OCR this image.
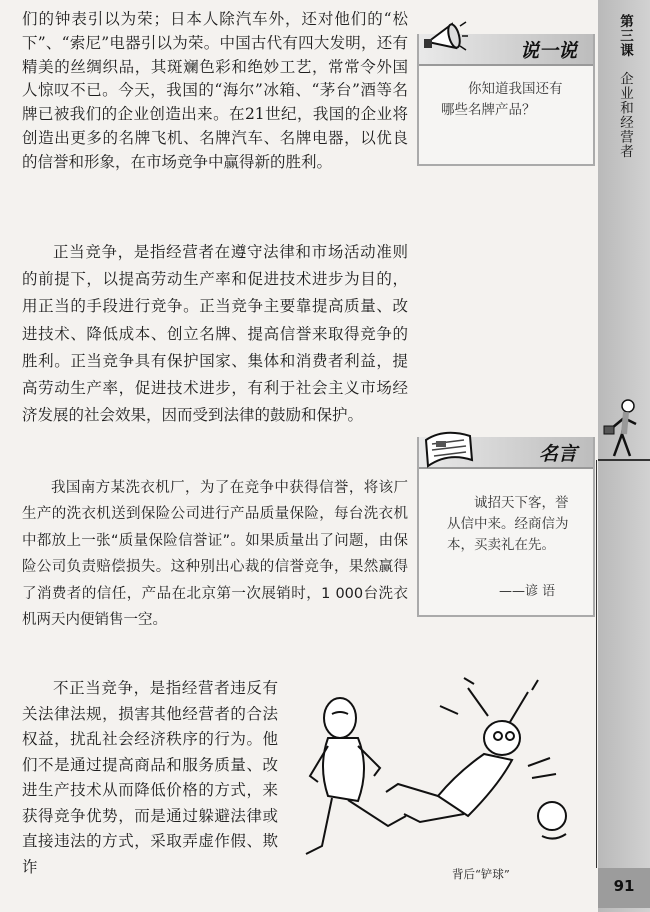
们的钟表引以为荣；日本人除汽车外，还对他们的“松下”、“索尼”电器引以为荣。中国古代有四大发明，还有精美的丝绸织品，其斑斓色彩和绝妙工艺，常常令外国人惊叹不已。今天，我国的“海尔”冰箱、“茅台”酒等名牌已被我们的企业创造出来。在21世纪，我国的企业将创造出更多的名牌飞机、名牌汽车、名牌电器，以优良的信誉和形象，在市场竞争中赢得新的胜利。

正当竞争，是指经营者在遵守法律和市场活动准则的前提下，以提高劳动生产率和促进技术进步为目的，用正当的手段进行竞争。正当竞争主要靠提高质量、改进技术、降低成本、创立名牌、提高信誉来取得竞争的胜利。正当竞争具有保护国家、集体和消费者利益，提高劳动生产率，促进技术进步，有利于社会主义市场经济发展的社会效果，因而受到法律的鼓励和保护。

我国南方某洗衣机厂，为了在竞争中获得信誉，将该厂生产的洗衣机送到保险公司进行产品质量保险，每台洗衣机中都放上一张“质量保险信誉证”。如果质量出了问题，由保险公司负责赔偿损失。这种别出心裁的信誉竞争，果然赢得了消费者的信任，产品在北京第一次展销时，1 000台洗衣机两天内便销售一空。

不正当竞争，是指经营者违反有关法律法规，损害其他经营者的合法权益，扰乱社会经济秩序的行为。他们不是通过提高商品和服务质量、改进生产技术从而降低价格的方式，来获得竞争优势，而是通过躲避法律或直接违法的方式，采取弄虚作假、欺诈

第三课企业和经营者
91
说一说
你知道我国还有哪些名牌产品？
名言
诚招天下客，誉从信中来。经商信为本，买卖礼在先。
——谚 语
背后“铲球”
